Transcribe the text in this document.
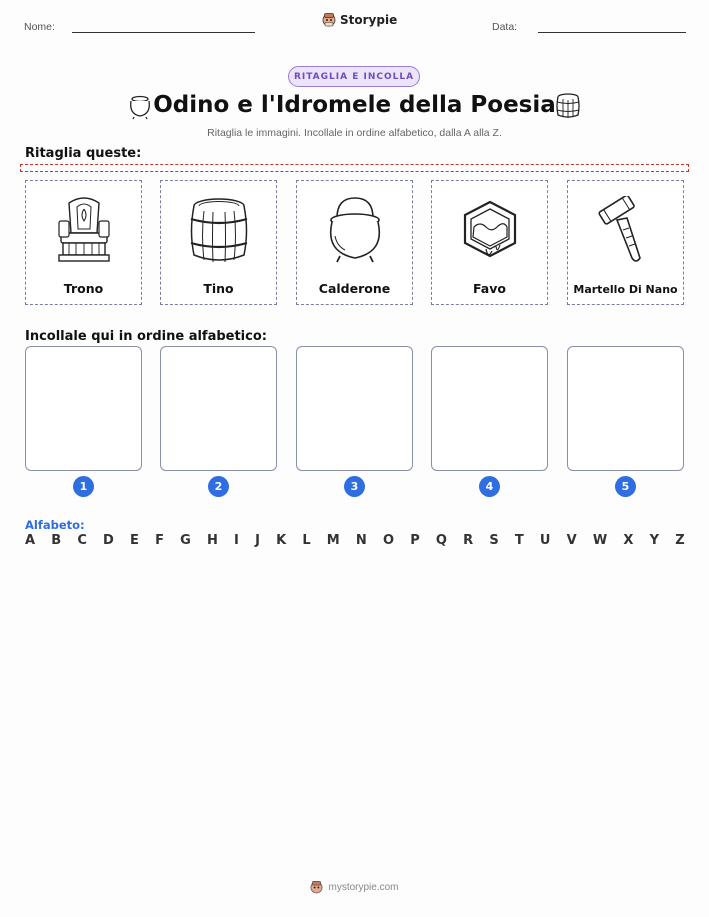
Nome:
Storypie
Data:
RITAGLIA E INCOLLA
Odino e l'Idromele della Poesia
Ritaglia le immagini. Incollale in ordine alfabetico, dalla A alla Z.
Ritaglia queste:
Trono	Tino	Calderone	Favo	Martello Di Nano
Incollale qui in ordine alfabetico:
1	2	3	4	5
Alfabeto:
A B C D E F G H I J K L M N O P Q R S T U V W X Y Z
mystorypie.com
